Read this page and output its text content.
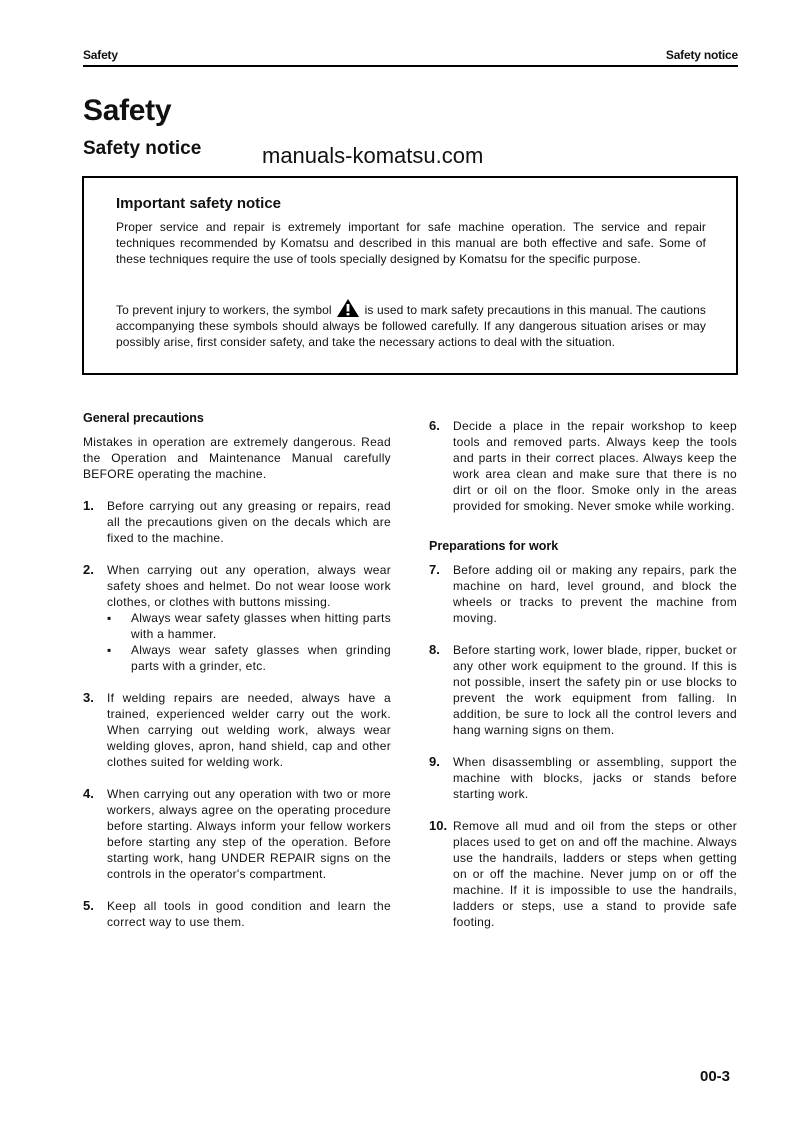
Safety	Safety notice
Safety
Safety notice	manuals-komatsu.com
Important safety notice

Proper service and repair is extremely important for safe machine operation. The service and repair techniques recommended by Komatsu and described in this manual are both effective and safe. Some of these techniques require the use of tools specially designed by Komatsu for the specific purpose.

To prevent injury to workers, the symbol	is used to mark safety precautions in this manual. The cautions accompanying these symbols should always be followed carefully. If any dangerous situation arises or may possibly arise, first consider safety, and take the necessary actions to deal with the situation.

General precautions

Mistakes in operation are extremely dangerous. Read the Operation and Maintenance Manual carefully BEFORE operating the machine.

1.	Before carrying out any greasing or repairs, read all the precautions given on the decals which are fixed to the machine.
2.	When carrying out any operation, always wear safety shoes and helmet. Do not wear loose work clothes, or clothes with buttons missing.
▪	Always wear safety glasses when hitting parts with a hammer.
▪	Always wear safety glasses when grinding parts with a grinder, etc.
3.	If welding repairs are needed, always have a trained, experienced welder carry out the work. When carrying out welding work, always wear welding gloves, apron, hand shield, cap and other clothes suited for welding work.
4.	When carrying out any operation with two or more workers, always agree on the operating procedure before starting. Always inform your fellow workers before starting any step of the operation. Before starting work, hang UNDER REPAIR signs on the controls in the operator's compartment.
5.	Keep all tools in good condition and learn the correct way to use them.
6.	Decide a place in the repair workshop to keep tools and removed parts. Always keep the tools and parts in their correct places. Always keep the work area clean and make sure that there is no dirt or oil on the floor. Smoke only in the areas provided for smoking. Never smoke while working.
Preparations for work
7.	Before adding oil or making any repairs, park the machine on hard, level ground, and block the wheels or tracks to prevent the machine from moving.
8.	Before starting work, lower blade, ripper, bucket or any other work equipment to the ground. If this is not possible, insert the safety pin or use blocks to prevent the work equipment from falling. In addition, be sure to lock all the control levers and hang warning signs on them.
9.	When disassembling or assembling, support the machine with blocks, jacks or stands before starting work.
10. Remove all mud and oil from the steps or other places used to get on and off the machine. Always use the handrails, ladders or steps when getting on or off the machine. Never jump on or off the machine. If it is impossible to use the handrails, ladders or steps, use a stand to provide safe footing.
00-3
